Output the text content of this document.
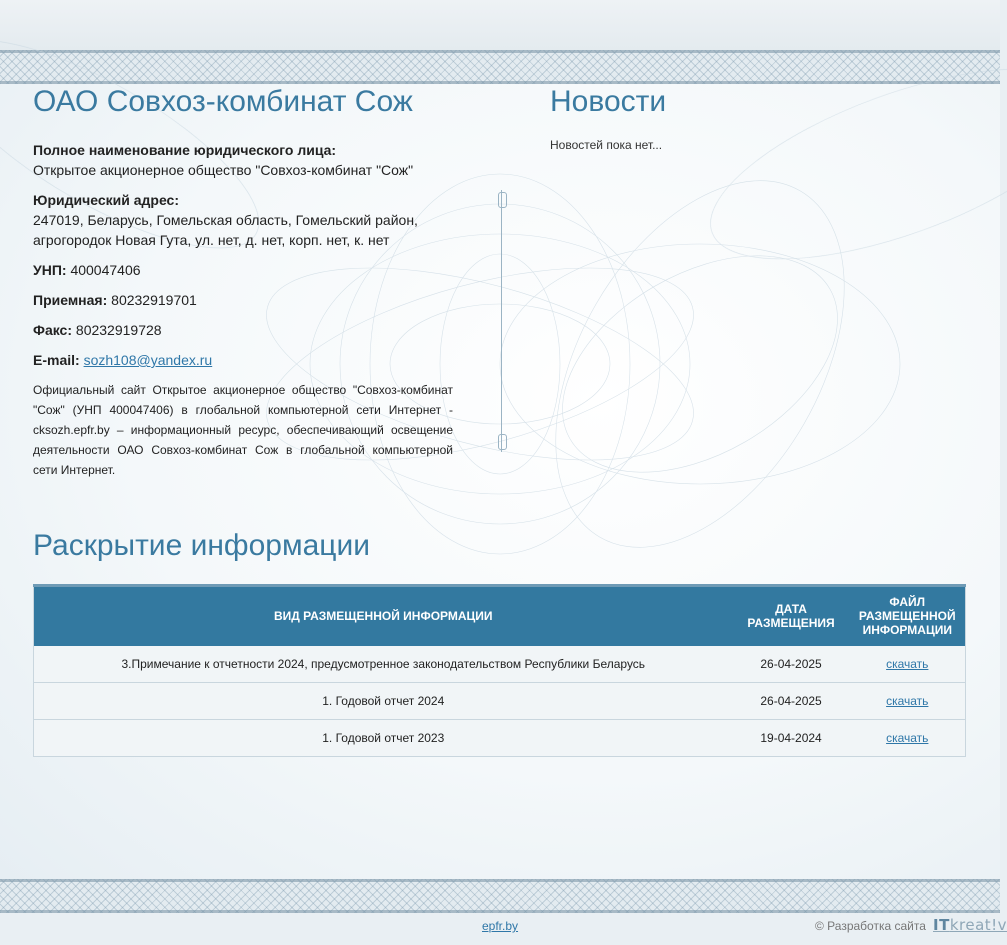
ОАО Совхоз-комбинат Сож
Полное наименование юридического лица:
Открытое акционерное общество "Совхоз-комбинат "Сож"
Юридический адрес:
247019, Беларусь, Гомельская область, Гомельский район, агрогородок Новая Гута, ул. нет, д. нет, корп. нет, к. нет
УНП: 400047406
Приемная: 80232919701
Факс: 80232919728
E-mail: sozh108@yandex.ru

Официальный сайт Открытое акционерное общество "Совхоз-комбинат "Сож" (УНП 400047406) в глобальной компьютерной сети Интернет - cksozh.epfr.by – информационный ресурс, обеспечивающий освещение деятельности ОАО Совхоз-комбинат Сож в глобальной компьютерной сети Интернет.

Новости

Новостей пока нет...

Раскрытие информации
ВИД РАЗМЕЩЕННОЙ ИНФОРМАЦИИ	ДАТА РАЗМЕЩЕНИЯ	ФАЙЛ РАЗМЕЩЕННОЙ ИНФОРМАЦИИ
3.Примечание к отчетности 2024, предусмотренное законодательством Республики Беларусь	26-04-2025	скачать
1. Годовой отчет 2024	26-04-2025	скачать
1. Годовой отчет 2023	19-04-2024	скачать
epfr.by	© Разработка сайта ITkreat!v
